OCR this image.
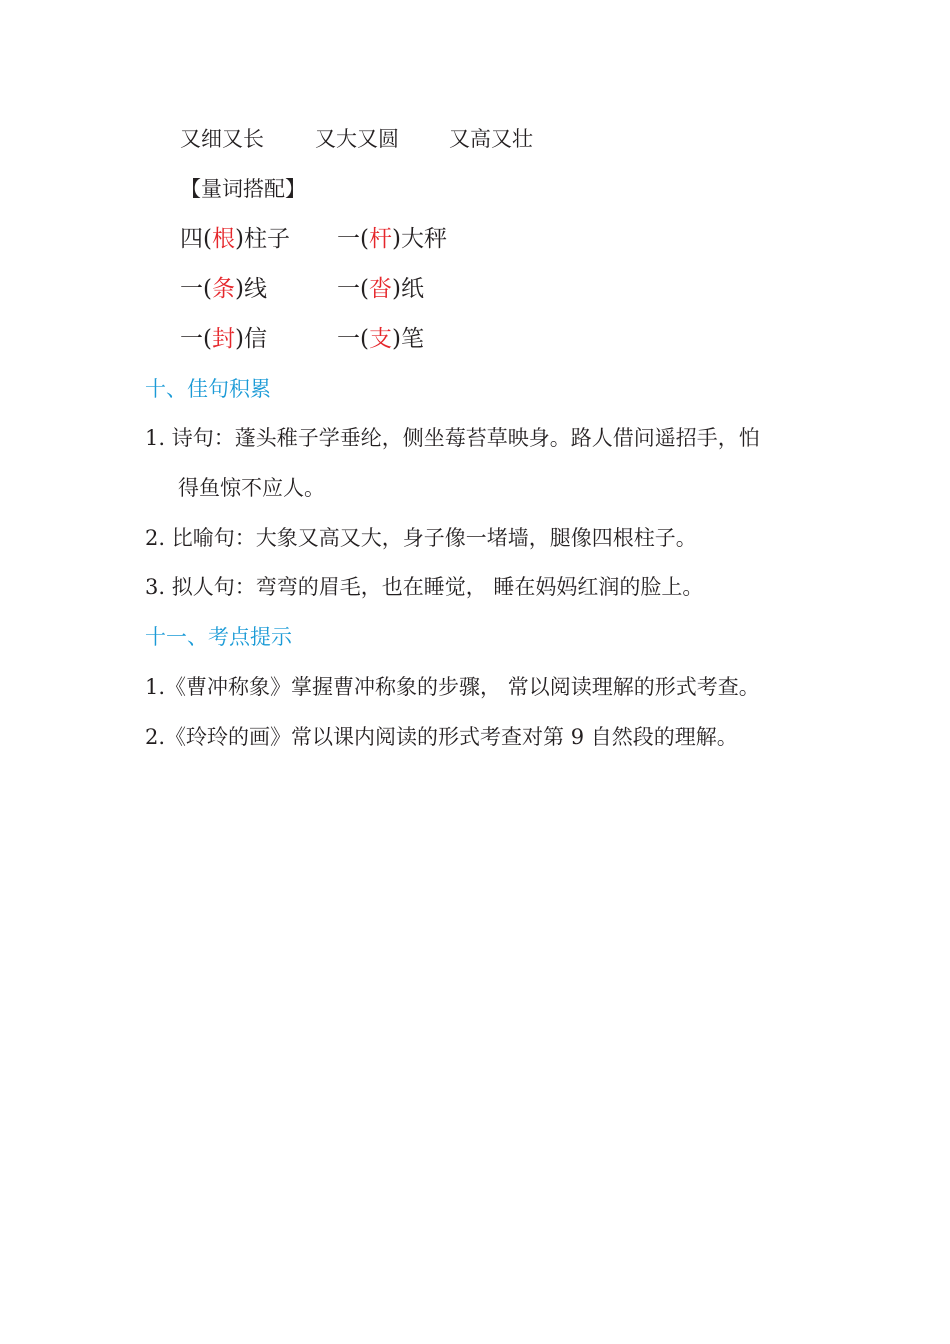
又细又长 又大又圆 又高又壮
【量词搭配】
四(根)柱子 一(杆)大秤
一(条)线	一(沓)纸
一(封)信	一(支)笔
十、佳句积累
1. 诗句：蓬头稚子学垂纶，侧坐莓苔草映身。路人借问遥招手，怕
得鱼惊不应人。
2. 比喻句：大象又高又大，身子像一堵墙，腿像四根柱子。
3. 拟人句：弯弯的眉毛，也在睡觉， 睡在妈妈红润的脸上。
十一、考点提示
1.《曹冲称象》掌握曹冲称象的步骤， 常以阅读理解的形式考查。
2.《玲玲的画》常以课内阅读的形式考查对第 9 自然段的理解。
